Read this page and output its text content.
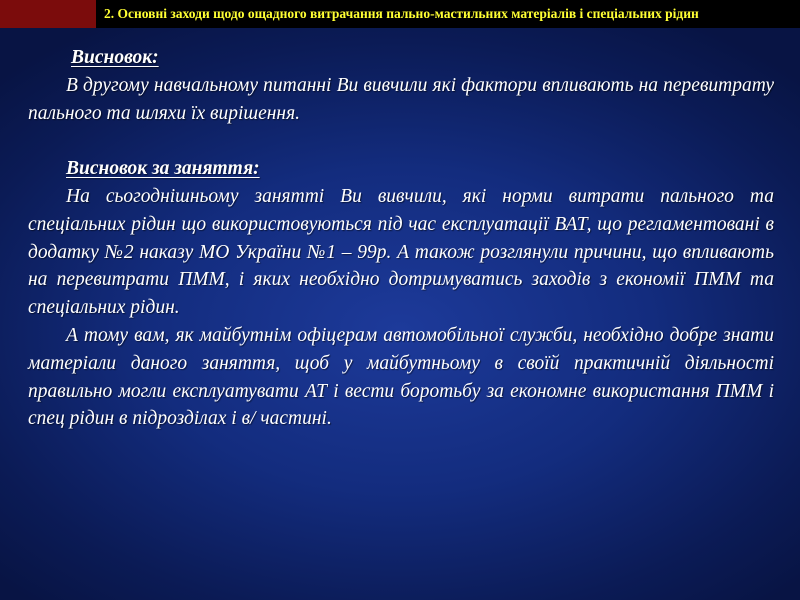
2. Основні заходи щодо ощадного витрачання пально-мастильних матеріалів і спеціальних рідин

Висновок:

В другому навчальному питанні Ви вивчили які фактори впливають на перевитрату пального та шляхи їх вирішення.

Висновок за заняття:

На сьогоднішньому занятті Ви вивчили, які норми витрати пального та спеціальних рідин що використовуються під час експлуатації ВАТ, що регламентовані в додатку №2 наказу МО України №1 – 99р. А також розглянули причини, що впливають на перевитрати ПММ, і яких необхідно дотримуватись заходів з економії ПММ та спеціальних рідин.

А тому вам, як майбутнім офіцерам автомобільної служби, необхідно добре знати матеріали даного заняття, щоб у майбутньому в своїй практичній діяльності правильно могли експлуатувати АТ і вести боротьбу за економне використання ПММ і спец рідин в підрозділах і в/ частині.
